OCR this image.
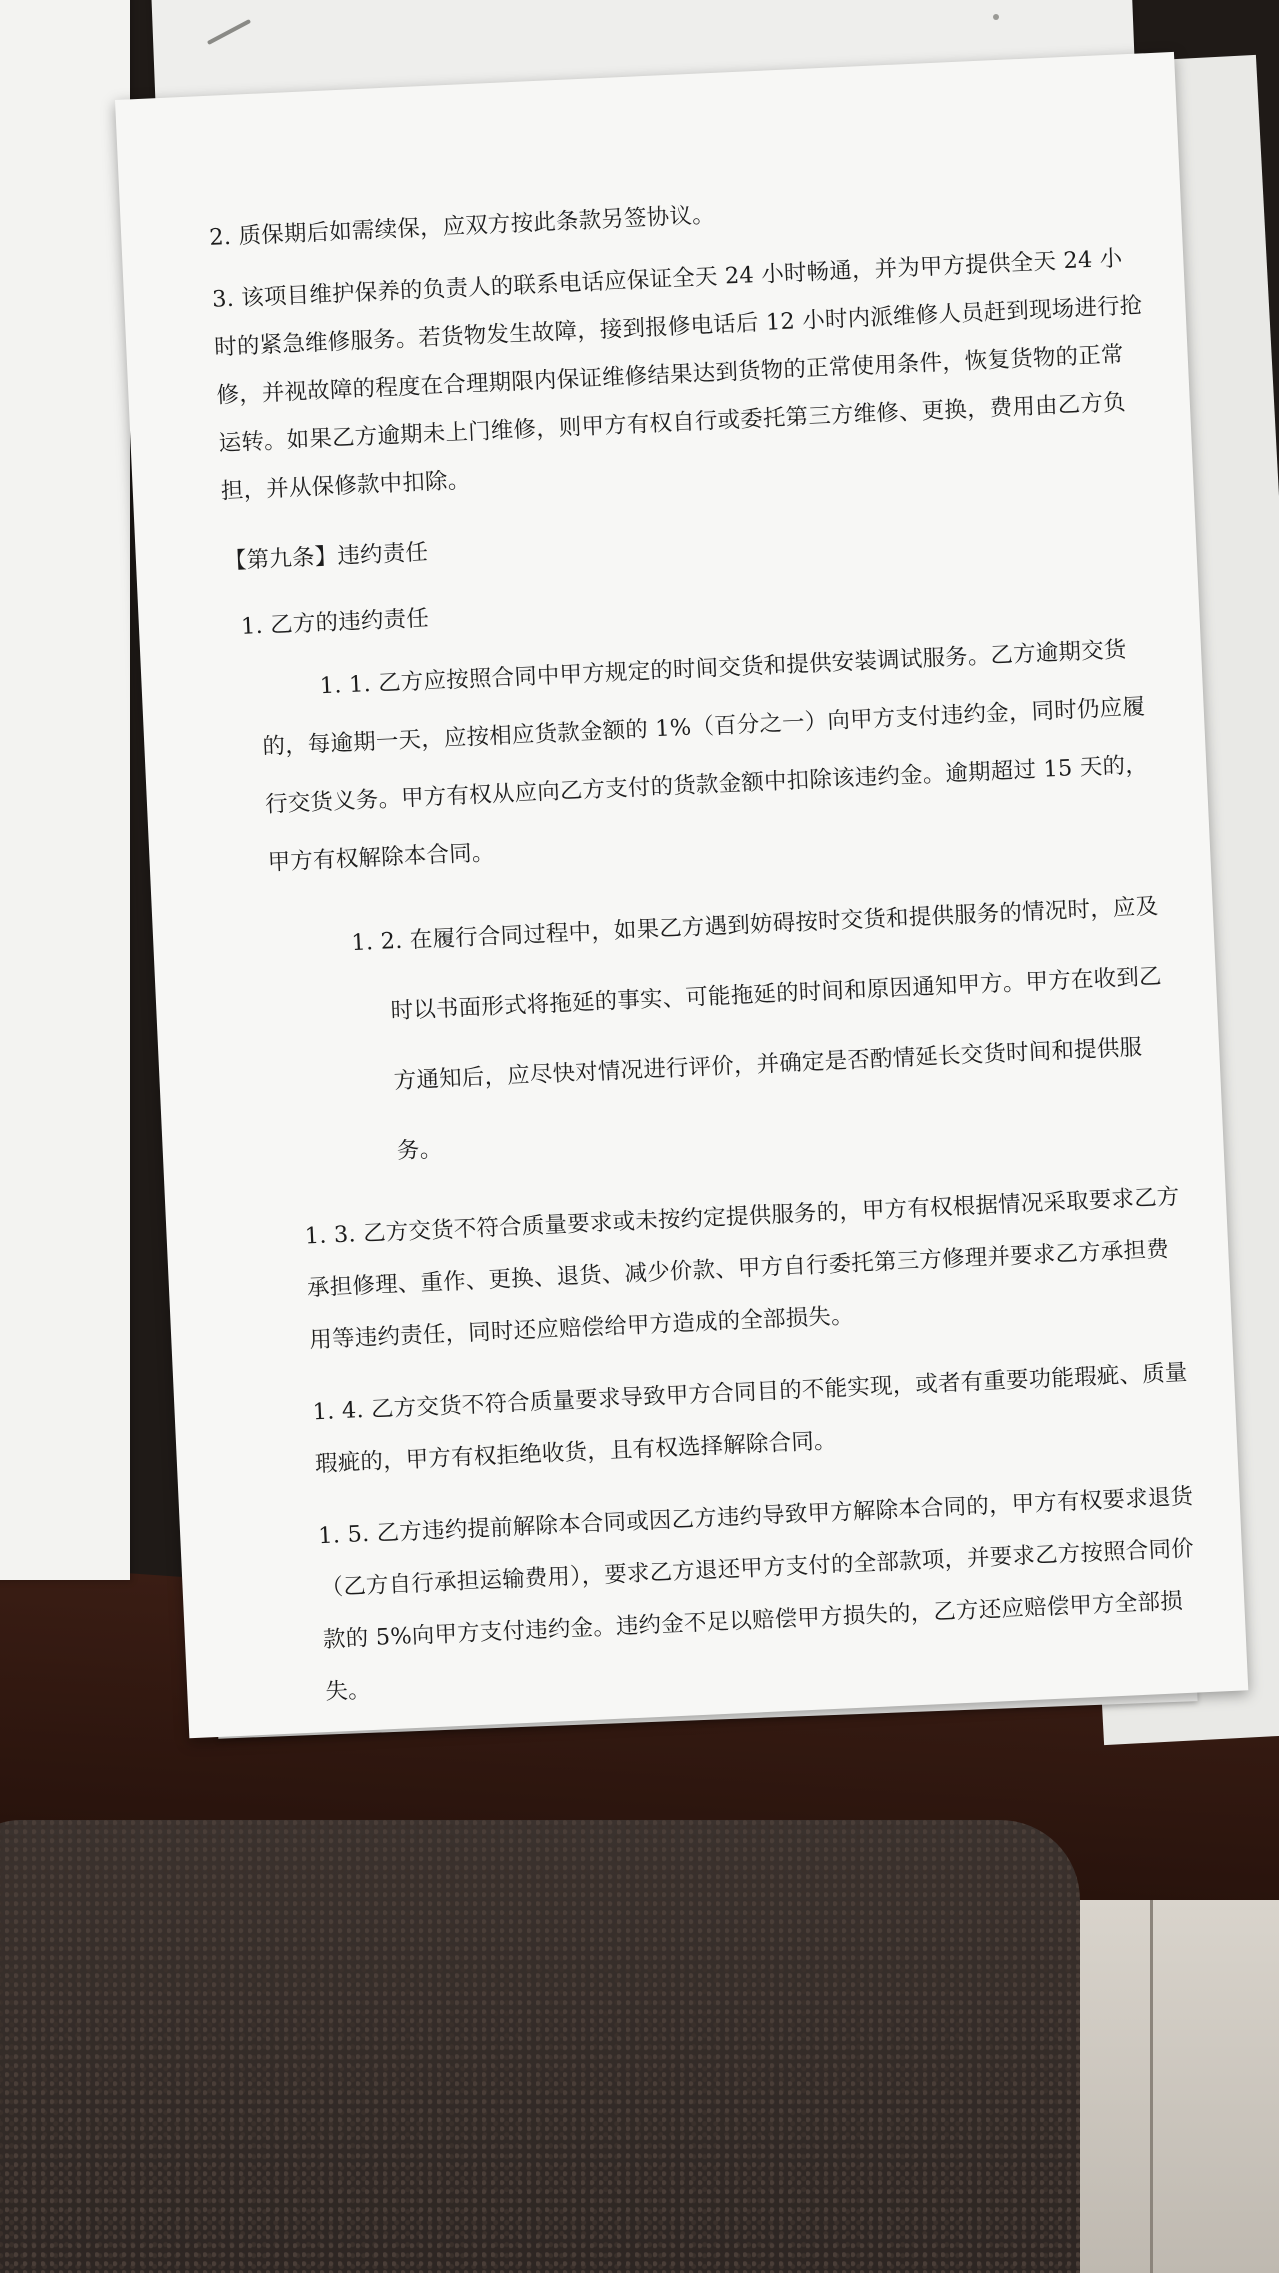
2. 质保期后如需续保，应双方按此条款另签协议。

3. 该项目维护保养的负责人的联系电话应保证全天 24 小时畅通，并为甲方提供全天 24 小时的紧急维修服务。若货物发生故障，接到报修电话后 12 小时内派维修人员赶到现场进行抢修，并视故障的程度在合理期限内保证维修结果达到货物的正常使用条件，恢复货物的正常运转。如果乙方逾期未上门维修，则甲方有权自行或委托第三方维修、更换，费用由乙方负担，并从保修款中扣除。

【第九条】违约责任

1. 乙方的违约责任

1. 1. 乙方应按照合同中甲方规定的时间交货和提供安装调试服务。乙方逾期交货的，每逾期一天，应按相应货款金额的 1%（百分之一）向甲方支付违约金，同时仍应履行交货义务。甲方有权从应向乙方支付的货款金额中扣除该违约金。逾期超过 15 天的，甲方有权解除本合同。

1. 2. 在履行合同过程中，如果乙方遇到妨碍按时交货和提供服务的情况时，应及时以书面形式将拖延的事实、可能拖延的时间和原因通知甲方。甲方在收到乙方通知后，应尽快对情况进行评价，并确定是否酌情延长交货时间和提供服务。

1. 3. 乙方交货不符合质量要求或未按约定提供服务的，甲方有权根据情况采取要求乙方承担修理、重作、更换、退货、减少价款、甲方自行委托第三方修理并要求乙方承担费用等违约责任，同时还应赔偿给甲方造成的全部损失。

1. 4. 乙方交货不符合质量要求导致甲方合同目的不能实现，或者有重要功能瑕疵、质量瑕疵的，甲方有权拒绝收货，且有权选择解除合同。

1. 5. 乙方违约提前解除本合同或因乙方违约导致甲方解除本合同的，甲方有权要求退货（乙方自行承担运输费用），要求乙方退还甲方支付的全部款项，并要求乙方按照合同价款的 5%向甲方支付违约金。违约金不足以赔偿甲方损失的，乙方还应赔偿甲方全部损失。
